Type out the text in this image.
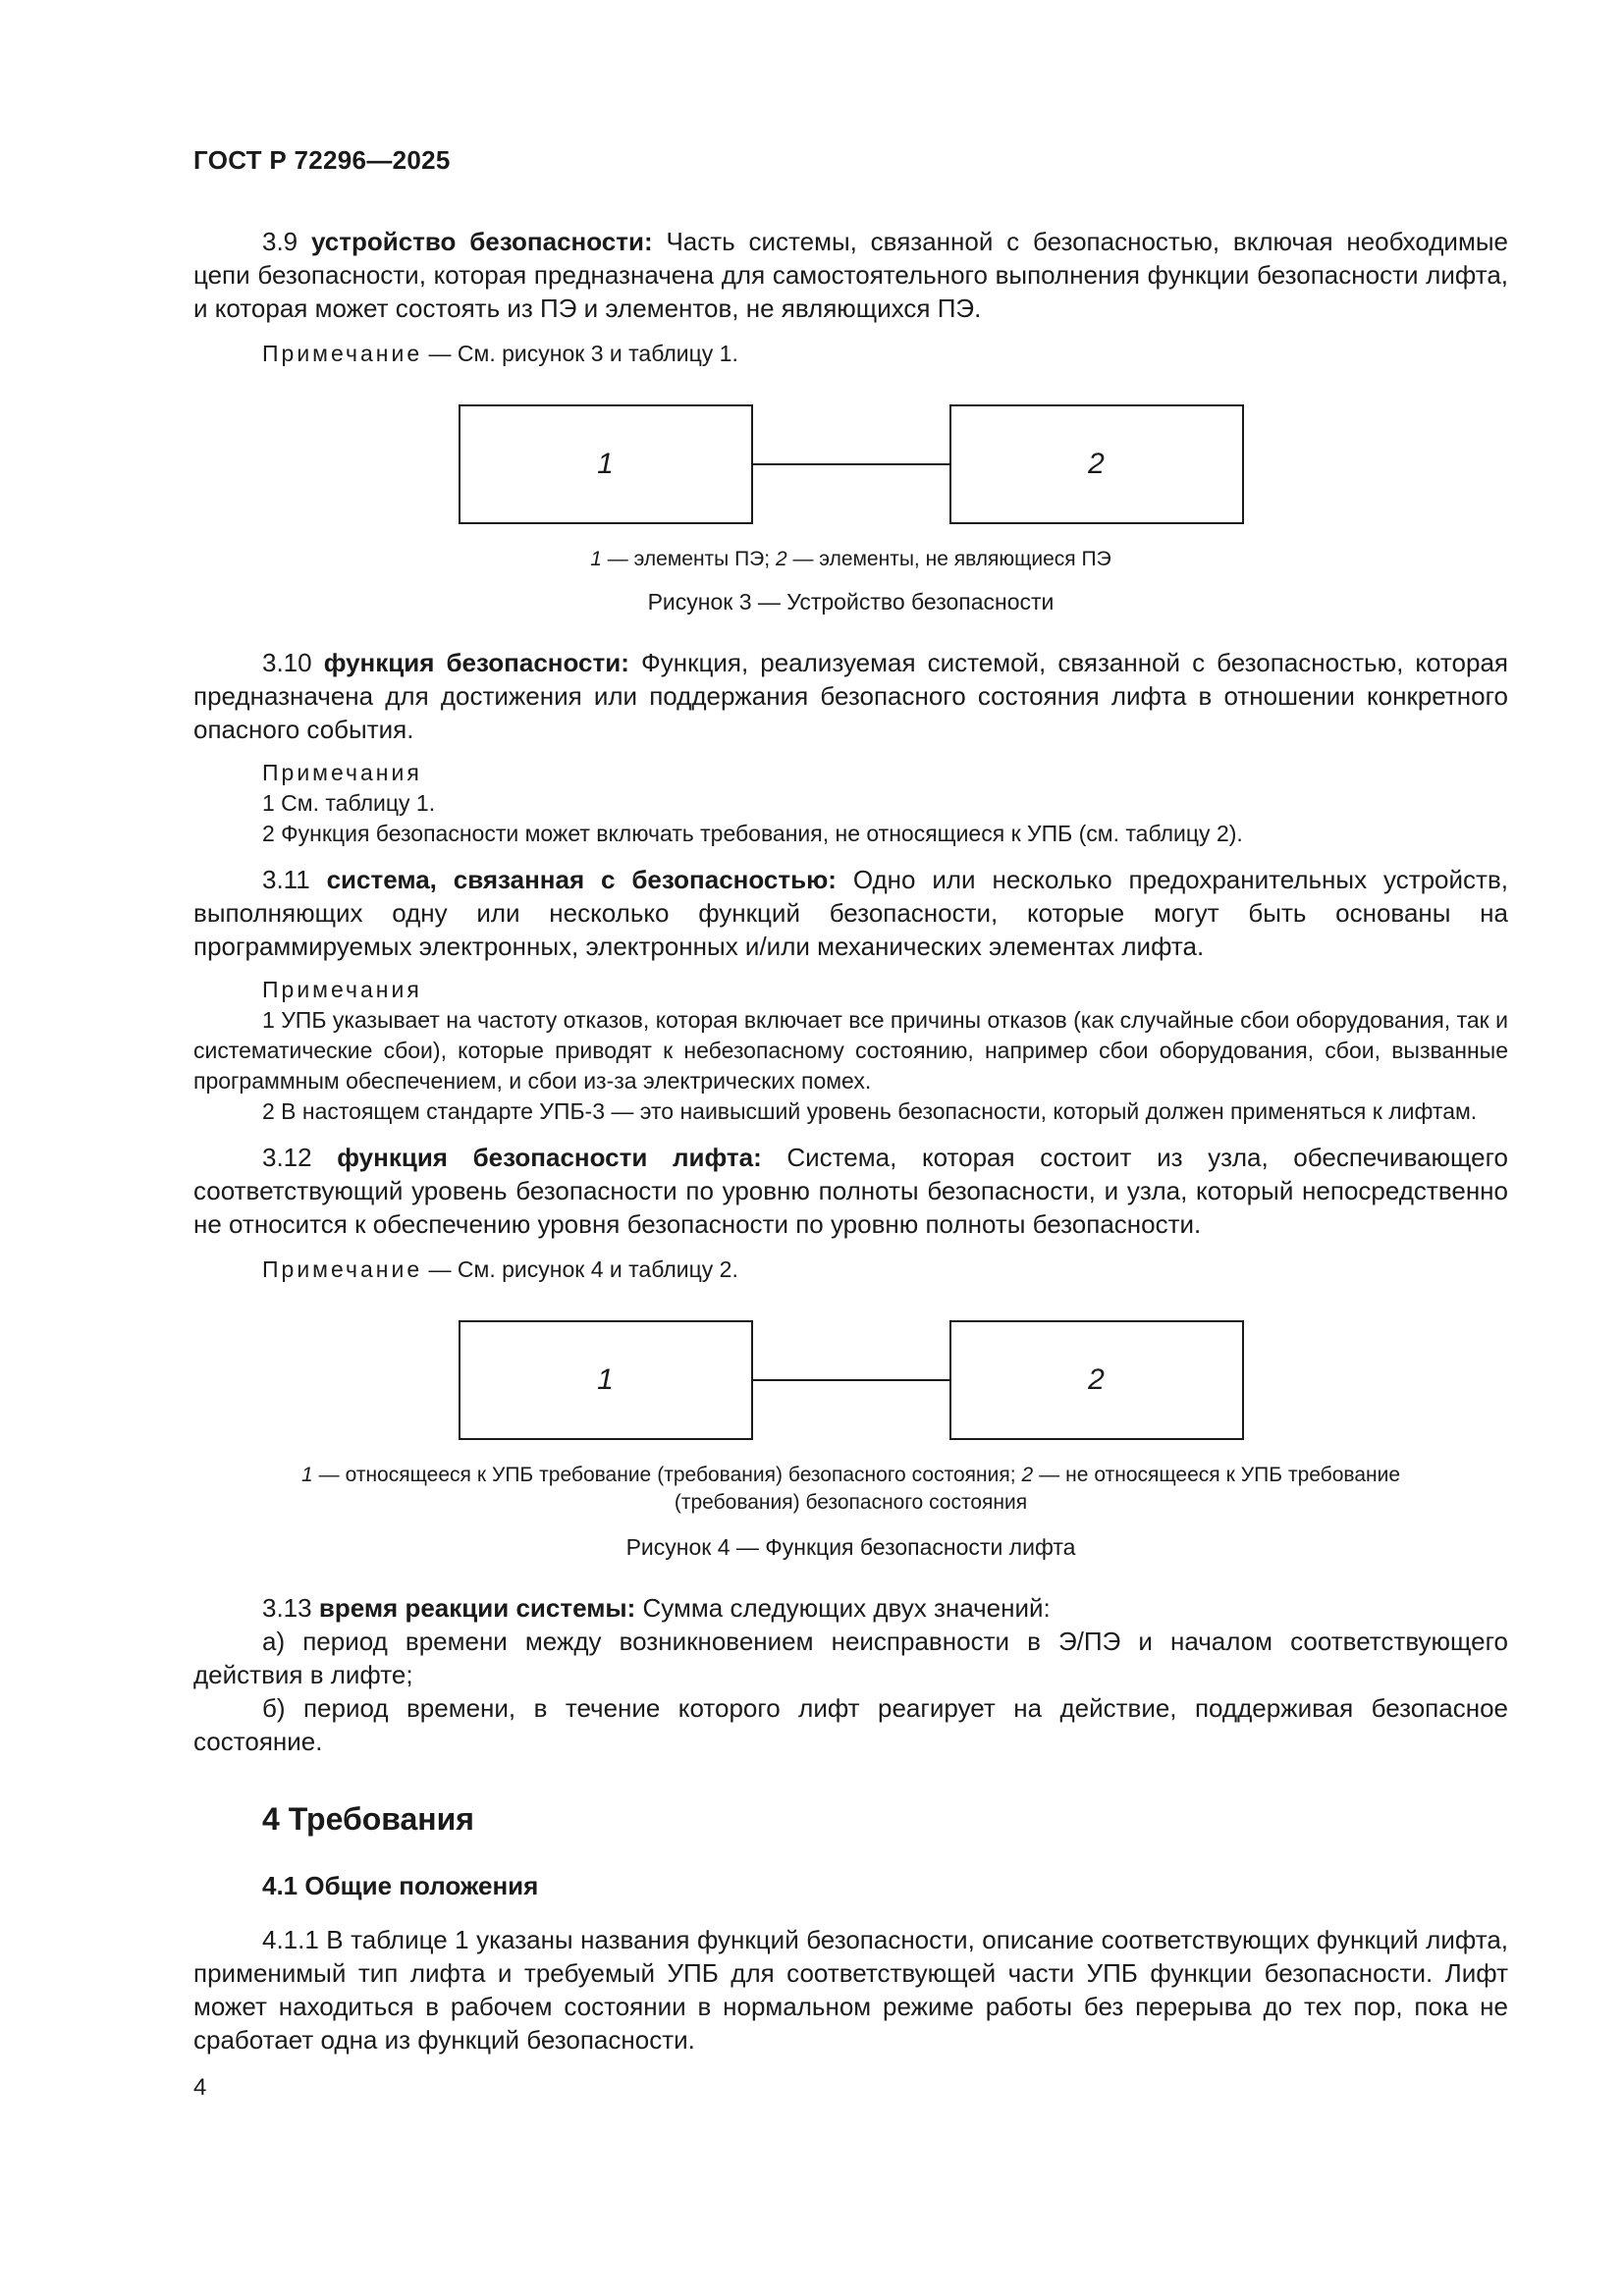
ГОСТ Р 72296—2025

3.9 устройство безопасности: Часть системы, связанной с безопасностью, включая необходимые цепи безопасности, которая предназначена для самостоятельного выполнения функции безопасности лифта, и которая может состоять из ПЭ и элементов, не являющихся ПЭ.

Примечание — См. рисунок 3 и таблицу 1.

1	2

1 — элементы ПЭ; 2 — элементы, не являющиеся ПЭ

Рисунок 3 — Устройство безопасности

3.10 функция безопасности: Функция, реализуемая системой, связанной с безопасностью, которая предназначена для достижения или поддержания безопасного состояния лифта в отношении конкретного опасного события.

Примечания

1 См. таблицу 1.

2 Функция безопасности может включать требования, не относящиеся к УПБ (см. таблицу 2).

3.11 система, связанная с безопасностью: Одно или несколько предохранительных устройств, выполняющих одну или несколько функций безопасности, которые могут быть основаны на программируемых электронных, электронных и/или механических элементах лифта.

Примечания

1 УПБ указывает на частоту отказов, которая включает все причины отказов (как случайные сбои оборудования, так и систематические сбои), которые приводят к небезопасному состоянию, например сбои оборудования, сбои, вызванные программным обеспечением, и сбои из-за электрических помех.

2 В настоящем стандарте УПБ-3 — это наивысший уровень безопасности, который должен применяться к лифтам.

3.12 функция безопасности лифта: Система, которая состоит из узла, обеспечивающего соответствующий уровень безопасности по уровню полноты безопасности, и узла, который непосредственно не относится к обеспечению уровня безопасности по уровню полноты безопасности.

Примечание — См. рисунок 4 и таблицу 2.

1	2

1 — относящееся к УПБ требование (требования) безопасного состояния; 2 — не относящееся к УПБ требование (требования) безопасного состояния

Рисунок 4 — Функция безопасности лифта

3.13 время реакции системы: Сумма следующих двух значений:

а) период времени между возникновением неисправности в Э/ПЭ и началом соответствующего действия в лифте;

б) период времени, в течение которого лифт реагирует на действие, поддерживая безопасное состояние.

4 Требования

4.1 Общие положения

4.1.1 В таблице 1 указаны названия функций безопасности, описание соответствующих функций лифта, применимый тип лифта и требуемый УПБ для соответствующей части УПБ функции безопасности. Лифт может находиться в рабочем состоянии в нормальном режиме работы без перерыва до тех пор, пока не сработает одна из функций безопасности.

4
